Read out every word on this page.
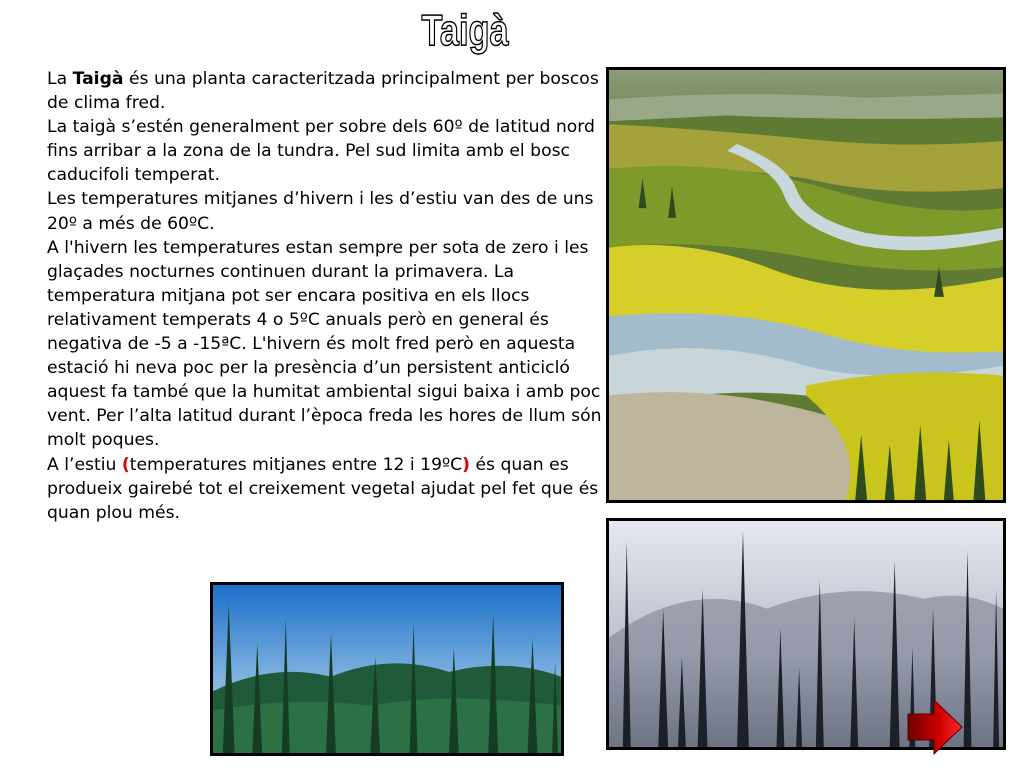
Taigà

La Taigà és una planta caracteritzada principalment per boscos de clima fred.

La taigà s’estén generalment per sobre dels 60º de latitud nord fins arribar a la zona de la tundra. Pel sud limita amb el bosc caducifoli temperat.

Les temperatures mitjanes d’hivern i les d’estiu van des de uns 20º a més de 60ºC.

A l'hivern les temperatures estan sempre per sota de zero i les glaçades nocturnes continuen durant la primavera. La temperatura mitjana pot ser encara positiva en els llocs relativament temperats 4 o 5ºC anuals però en general és negativa de -5 a -15ªC. L'hivern és molt fred però en aquesta estació hi neva poc per la presència d’un persistent anticicló aquest fa també que la humitat ambiental sigui baixa i amb poc vent. Per l’alta latitud durant l’època freda les hores de llum són molt poques.

A l’estiu (temperatures mitjanes entre 12 i 19ºC) és quan es produeix gairebé tot el creixement vegetal ajudat pel fet que és quan plou més.
